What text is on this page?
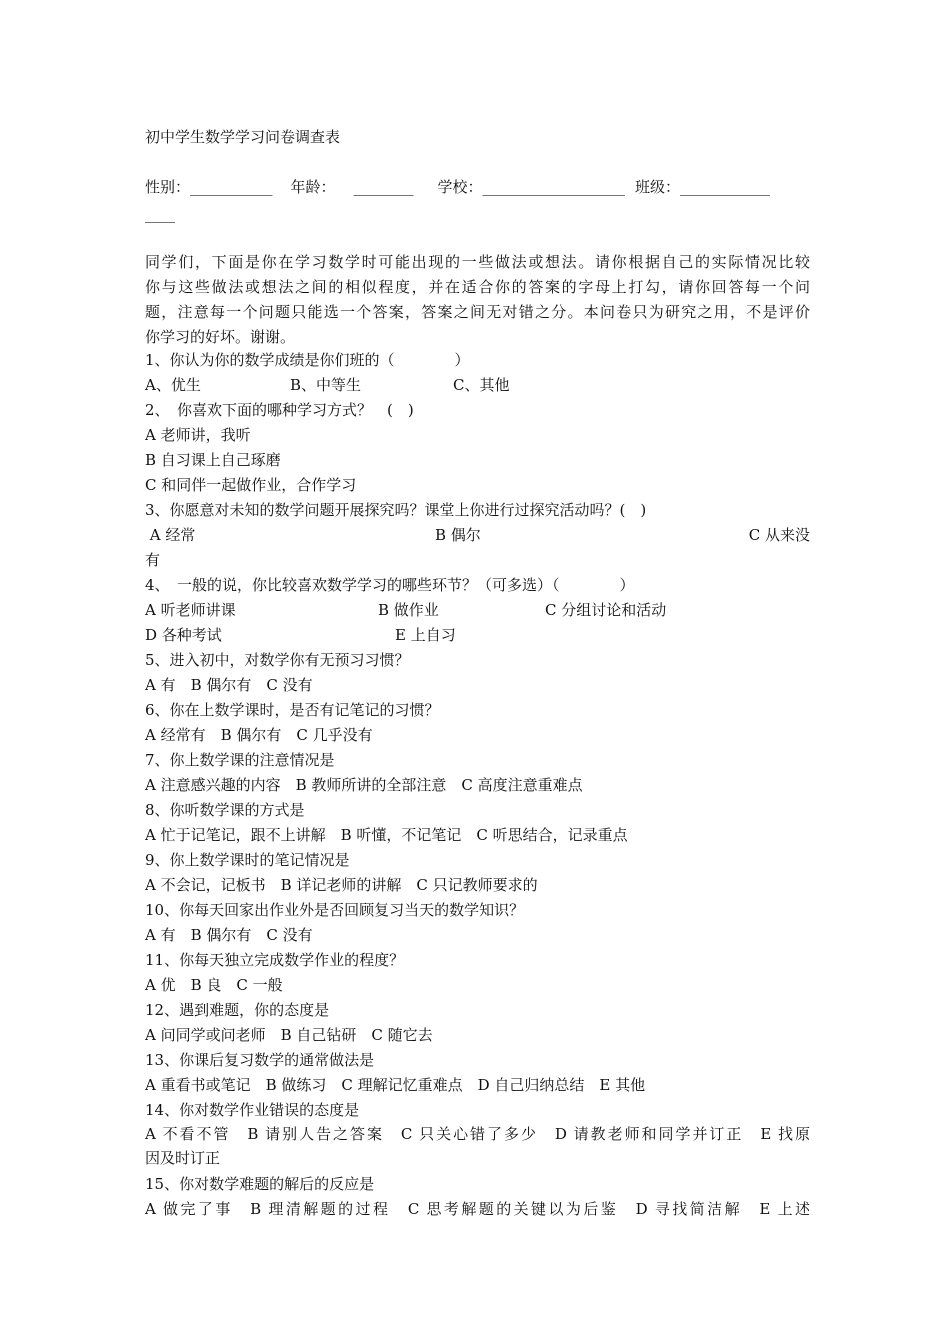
初中学生数学学习问卷调查表
性别：___________ 年龄： ________ 学校：___________________ 班级：____________
____
同学们，下面是你在学习数学时可能出现的一些做法或想法。请你根据自己的实际情况比较
你与这些做法或想法之间的相似程度，并在适合你的答案的字母上打勾，请你回答每一个问
题，注意每一个问题只能选一个答案，答案之间无对错之分。本问卷只为研究之用，不是评价
你学习的好坏。谢谢。
1、你认为你的数学成绩是你们班的（　　　　）
A、优生	B、中等生	C、其他
2、　你喜欢下面的哪种学习方式？　(　)
A 老师讲，我听
B 自习课上自己琢磨
C 和同伴一起做作业，合作学习
3、你愿意对未知的数学问题开展探究吗？课堂上你进行过探究活动吗？(　)
A 经常	B 偶尔	C 从来没
有
4、　一般的说，你比较喜欢数学学习的哪些环节？（可多选）（　　　　）
A 听老师讲课	B 做作业	C 分组讨论和活动
D 各种考试	E 上自习
5、进入初中，对数学你有无预习习惯？
A 有　B 偶尔有　C 没有
6、你在上数学课时，是否有记笔记的习惯？
A 经常有　B 偶尔有　C 几乎没有
7、你上数学课的注意情况是
A 注意感兴趣的内容　B 教师所讲的全部注意　C 高度注意重难点
8、你听数学课的方式是
A 忙于记笔记，跟不上讲解　B 听懂，不记笔记　C 听思结合，记录重点
9、你上数学课时的笔记情况是
A 不会记，记板书　B 详记老师的讲解　C 只记教师要求的
10、你每天回家出作业外是否回顾复习当天的数学知识？
A 有　B 偶尔有　C 没有
11、你每天独立完成数学作业的程度？
A 优　B 良　C 一般
12、遇到难题，你的态度是
A 问同学或问老师　B 自己钻研　C 随它去
13、你课后复习数学的通常做法是
A 重看书或笔记　B 做练习　C 理解记忆重难点　D 自己归纳总结　E 其他
14、你对数学作业错误的态度是
A 不看不管　B 请别人告之答案　C 只关心错了多少　D 请教老师和同学并订正　E 找原
因及时订正
15、你对数学难题的解后的反应是
A 做完了事　B 理清解题的过程　C 思考解题的关键以为后鉴　D 寻找简洁解　E 上述
